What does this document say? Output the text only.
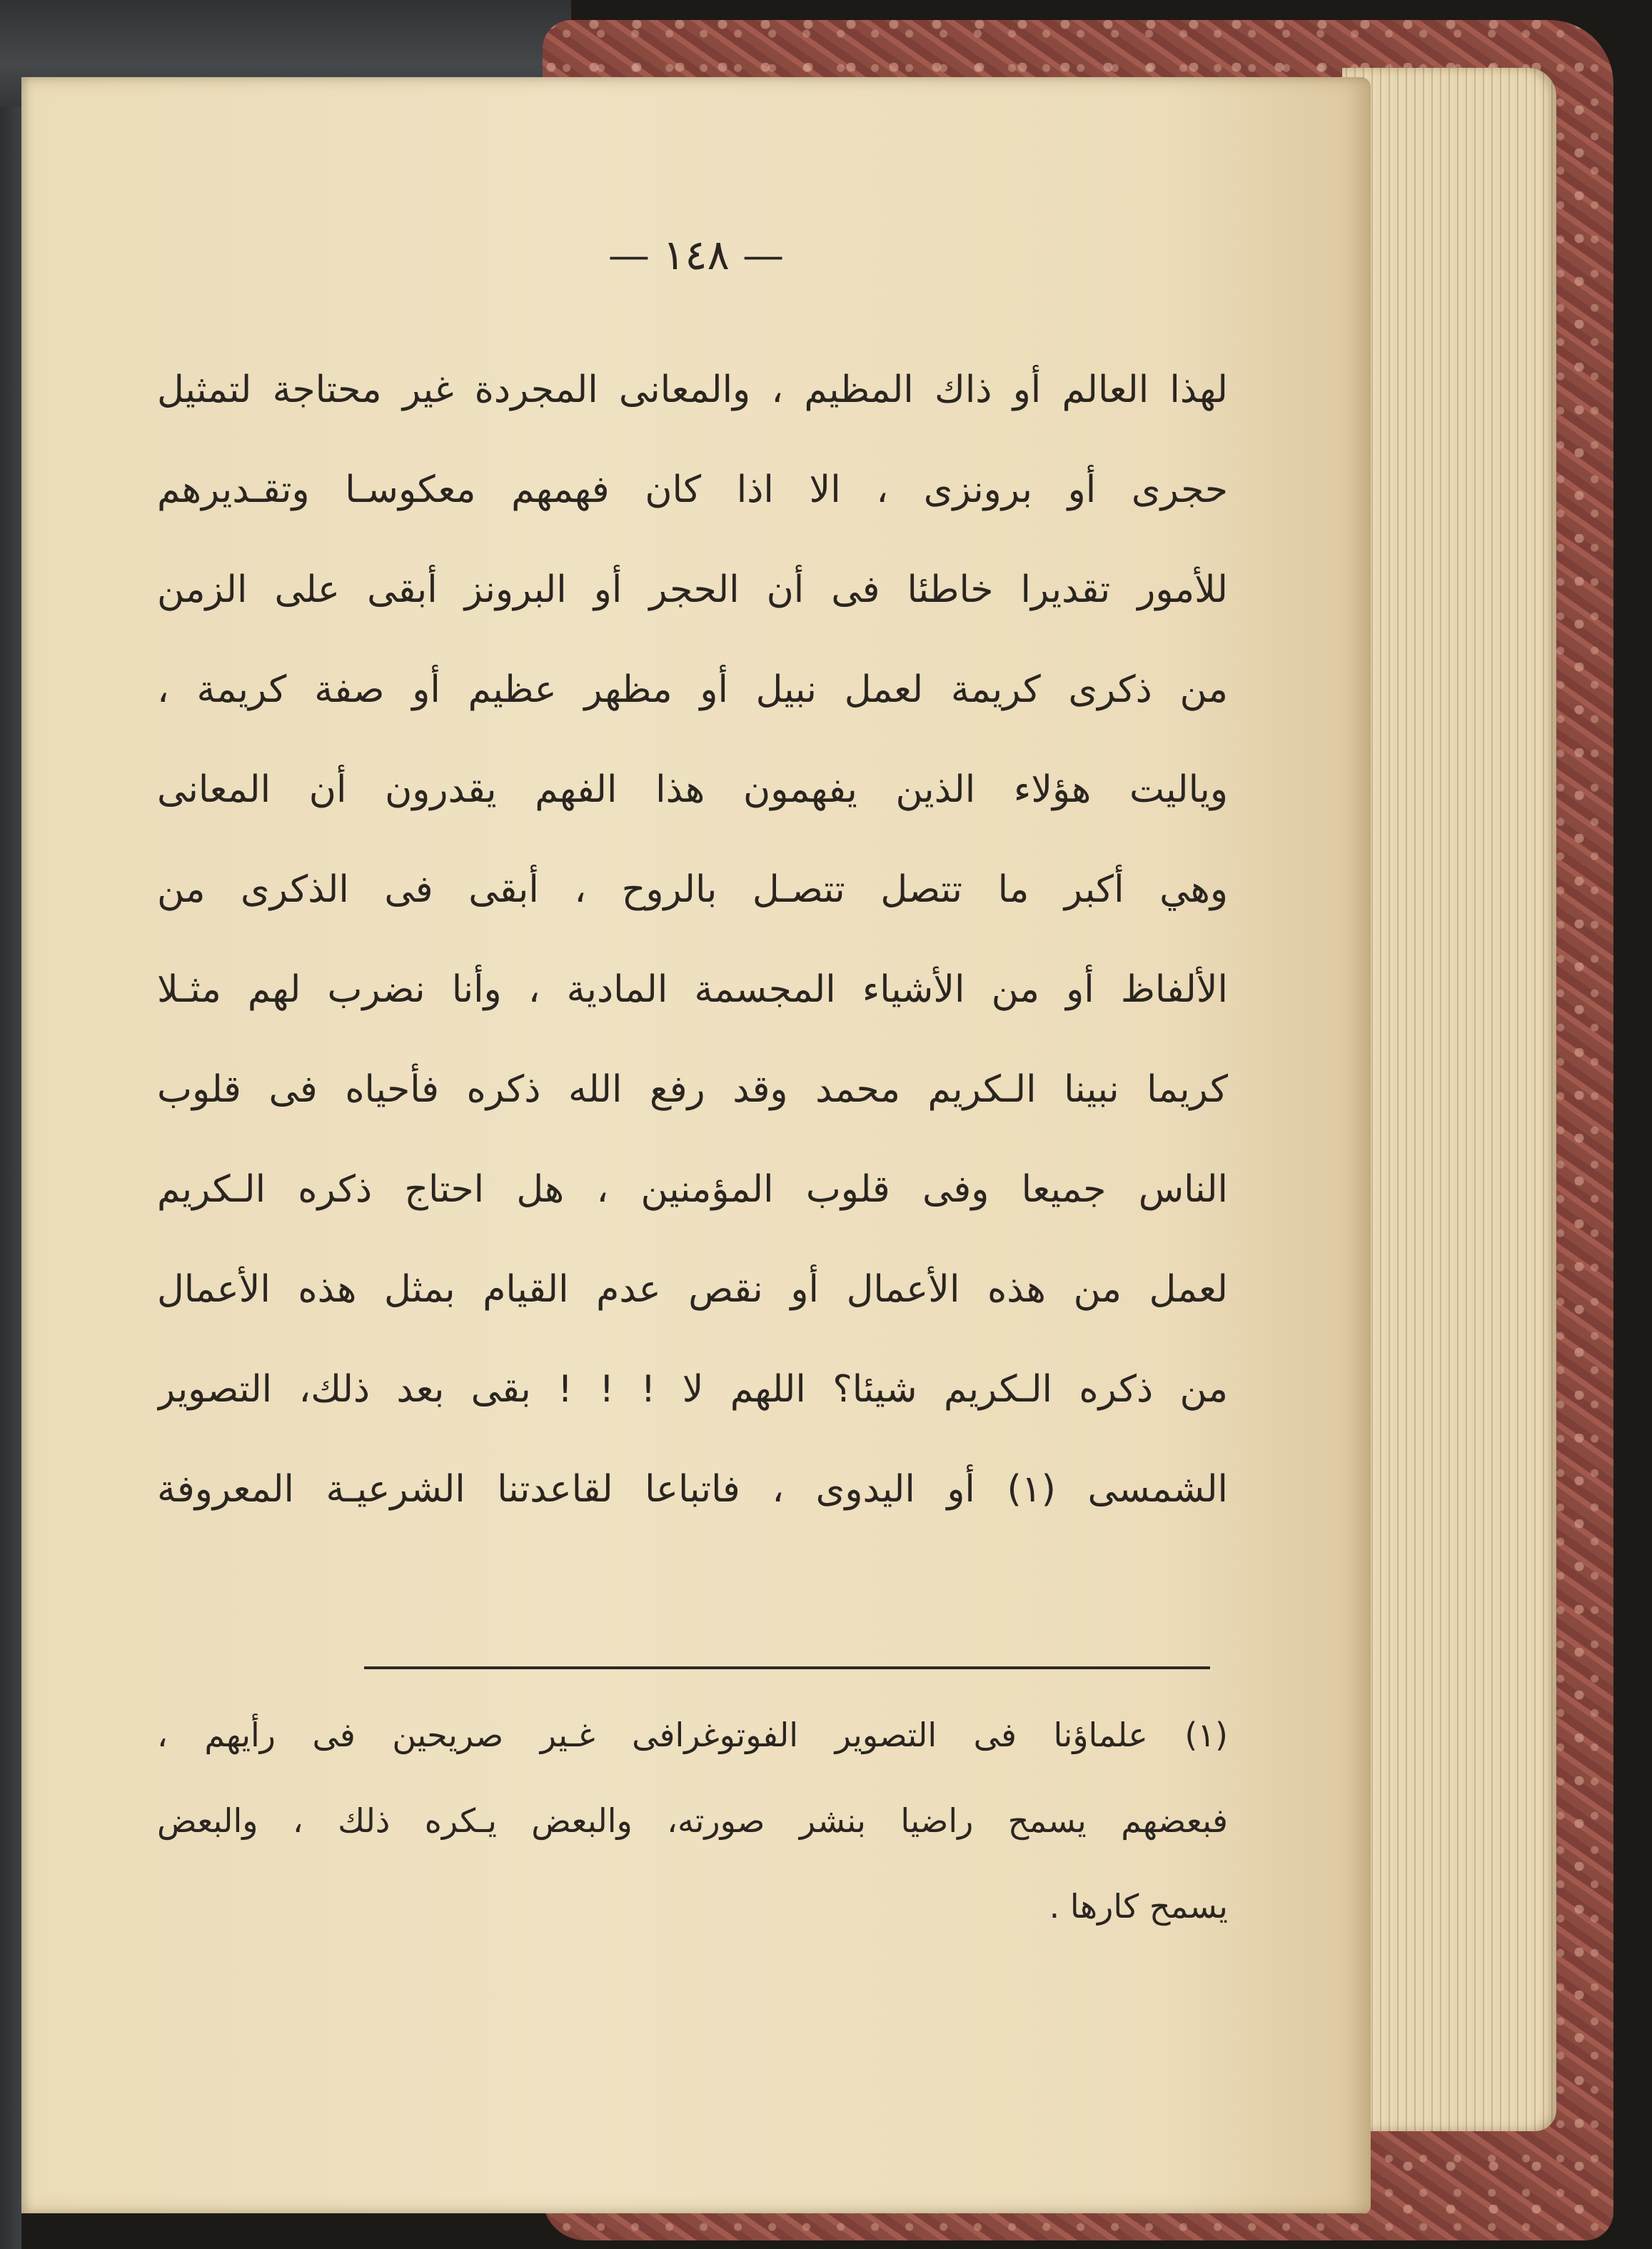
— ١٤٨ —
لهذا العالم أو ذاك المظيم ، والمعانى المجردة غير محتاجة لتمثيل
حجرى أو برونزى ، الا اذا كان فهمهم معكوسـا وتقـديرهم
للأمور تقديرا خاطئا فى أن الحجر أو البرونز أبقى على الزمن
من ذكرى كريمة لعمل نبيل أو مظهر عظيم أو صفة كريمة ،
وياليت هؤلاء الذين يفهمون هذا الفهم يقدرون أن المعانى
وهي أكبر ما تتصل تتصـل بالروح ، أبقى فى الذكرى من
الألفاظ أو من الأشياء المجسمة المادية ، وأنا نضرب لهم مثـلا
كريما نبينا الـكريم محمد وقد رفع الله ذكره فأحياه فى قلوب
الناس جميعا وفى قلوب المؤمنين ، هل احتاج ذكره الـكريم
لعمل من هذه الأعمال أو نقص عدم القيام بمثل هذه الأعمال
من ذكره الـكريم شيئا؟ اللهم لا ! ! ! بقى بعد ذلك، التصوير
الشمسى (١) أو اليدوى ، فاتباعا لقاعدتنا الشرعيـة المعروفة
(١) علماؤنا فى التصوير الفوتوغرافى غـير صريحين فى رأيهم ،
فبعضهم يسمح راضيا بنشر صورته، والبعض يـكره ذلك ، والبعض
يسمح كارها .
